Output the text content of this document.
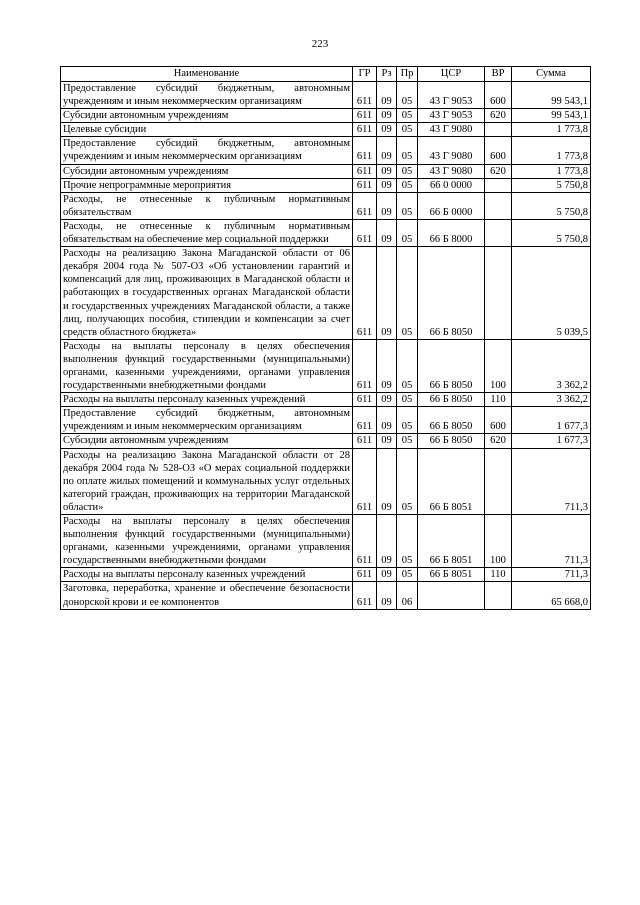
223
Наименование	ГР	Рз	Пр	ЦСР	ВР	Сумма
Предоставление субсидий бюджетным, автономным учреждениям и иным некоммерческим организациям	611	09	05	43 Г 9053	600	99 543,1
Субсидии автономным учреждениям	611	09	05	43 Г 9053	620	99 543,1
Целевые субсидии	611	09	05	43 Г 9080		1 773,8
Предоставление субсидий бюджетным, автономным учреждениям и иным некоммерческим организациям	611	09	05	43 Г 9080	600	1 773,8
Субсидии автономным учреждениям	611	09	05	43 Г 9080	620	1 773,8
Прочие непрограммные мероприятия	611	09	05	66 0 0000		5 750,8
Расходы, не отнесенные к публичным нормативным обязательствам	611	09	05	66 Б 0000		5 750,8
Расходы, не отнесенные к публичным нормативным обязательствам на обеспечение мер социальной поддержки	611	09	05	66 Б 8000		5 750,8
Расходы на реализацию Закона Магаданской области от 06 декабря 2004 года № 507-ОЗ «Об установлении гарантий и компенсаций для лиц, проживающих в Магаданской области и работающих в государственных органах Магаданской области и государственных учреждениях Магаданской области, а также лиц, получающих пособия, стипендии и компенсации за счет средств областного бюджета»	611	09	05	66 Б 8050		5 039,5
Расходы на выплаты персоналу в целях обеспечения выполнения функций государственными (муниципальными) органами, казенными учреждениями, органами управления государственными внебюджетными фондами	611	09	05	66 Б 8050	100	3 362,2
Расходы на выплаты персоналу казенных учреждений	611	09	05	66 Б 8050	110	3 362,2
Предоставление субсидий бюджетным, автономным учреждениям и иным некоммерческим организациям	611	09	05	66 Б 8050	600	1 677,3
Субсидии автономным учреждениям	611	09	05	66 Б 8050	620	1 677,3
Расходы на реализацию Закона Магаданской области от 28 декабря 2004 года № 528-ОЗ «О мерах социальной поддержки по оплате жилых помещений и коммунальных услуг отдельных категорий граждан, проживающих на территории Магаданской области»	611	09	05	66 Б 8051		711,3
Расходы на выплаты персоналу в целях обеспечения выполнения функций государственными (муниципальными) органами, казенными учреждениями, органами управления государственными внебюджетными фондами	611	09	05	66 Б 8051	100	711,3
Расходы на выплаты персоналу казенных учреждений	611	09	05	66 Б 8051	110	711,3
Заготовка, переработка, хранение и обеспечение безопасности донорской крови и ее компонентов	611	09	06			65 668,0
